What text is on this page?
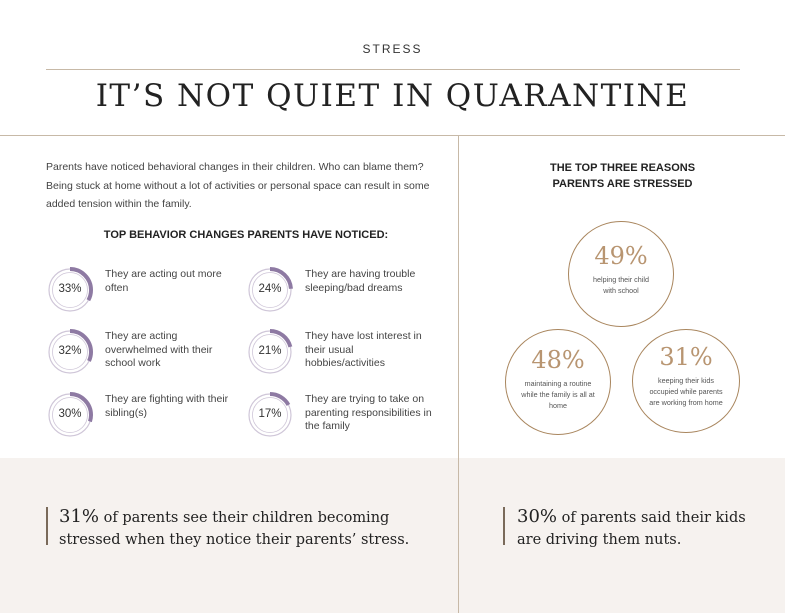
STRESS
IT’S NOT QUIET IN QUARANTINE
Parents have noticed behavioral changes in their children. Who can blame them? Being stuck at home without a lot of activities or personal space can result in some added tension within the family.
TOP BEHAVIOR CHANGES PARENTS HAVE NOTICED:
33%
They are acting out more often	24%
They are having trouble sleeping/bad dreams
32%
They are acting overwhelmed with their school work
21%
They have lost interest in their usual hobbies/activities
30%
They are fighting with their sibling(s)	17%
They are trying to take on parenting responsibilities in the family
THE TOP THREE REASONS
PARENTS ARE STRESSED
49%
helping their child with school
48%
maintaining a routine while the family is all at home
31%
keeping their kids occupied while parents are working from home
31% of parents see their children becoming stressed when they notice their parents’ stress.
30% of parents said their kids are driving them nuts.
